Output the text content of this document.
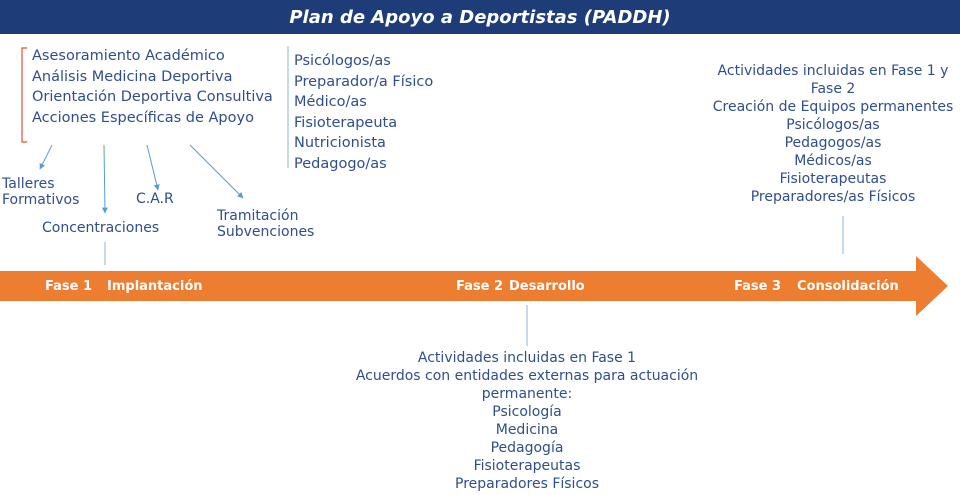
Plan de Apoyo a Deportistas (PADDH)
Asesoramiento Académico
Análisis Medicina Deportiva
Orientación Deportiva Consultiva
Acciones Específicas de Apoyo
Psicólogos/as
Preparador/a Físico
Médico/as
Fisioterapeuta
Nutricionista
Pedagogo/as
Talleres
Formativos	C.A.R
Concentraciones
Tramitación
Subvenciones
Actividades incluidas en Fase 1 y
Fase 2
Creación de Equipos permanentes
Psicólogos/as
Pedagogos/as
Médicos/as
Fisioterapeutas
Preparadores/as Físicos
Fase 1 Implantación	Fase 2 Desarrollo	Fase 3 Consolidación
Actividades incluidas en Fase 1
Acuerdos con entidades externas para actuación
permanente:
Psicología
Medicina
Pedagogía
Fisioterapeutas
Preparadores Físicos
